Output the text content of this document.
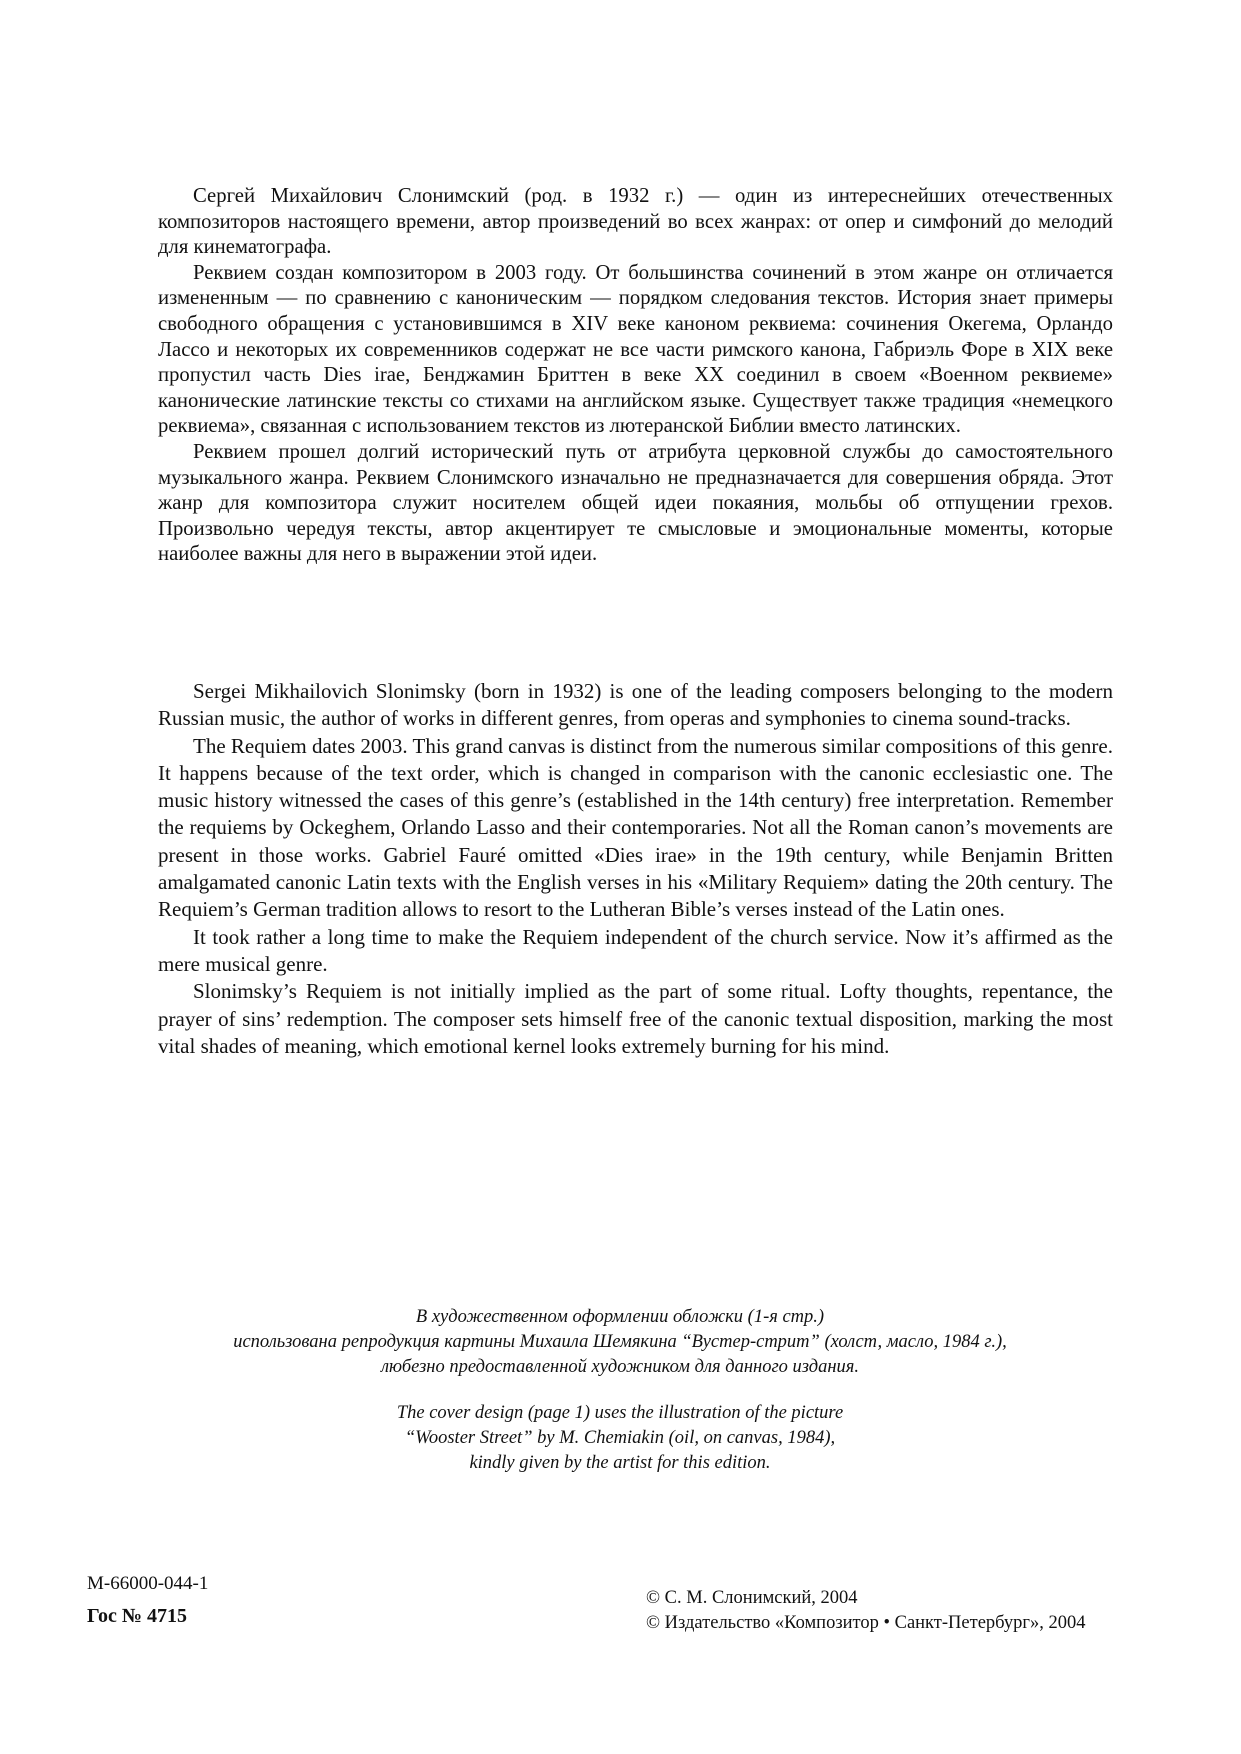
Сергей Михайлович Слонимский (род. в 1932 г.) — один из интереснейших отечественных композиторов настоящего времени, автор произведений во всех жанрах: от опер и симфоний до мелодий для кинематографа.

Реквием создан композитором в 2003 году. От большинства сочинений в этом жанре он отличается измененным — по сравнению с каноническим — порядком следования текстов. История знает примеры свободного обращения с установившимся в XIV веке каноном реквиема: сочинения Окегема, Орландо Лассо и некоторых их современников содержат не все части римского канона, Габриэль Форе в XIX веке пропустил часть Dies irae, Бенджамин Бриттен в веке XX соединил в своем «Военном реквиеме» канонические латинские тексты со стихами на английском языке. Существует также традиция «немецкого реквиема», связанная с использованием текстов из лютеранской Библии вместо латинских.

Реквием прошел долгий исторический путь от атрибута церковной службы до самостоятельного музыкального жанра. Реквием Слонимского изначально не предназначается для совершения обряда. Этот жанр для композитора служит носителем общей идеи покаяния, мольбы об отпущении грехов. Произвольно чередуя тексты, автор акцентирует те смысловые и эмоциональные моменты, которые наиболее важны для него в выражении этой идеи.

Sergei Mikhailovich Slonimsky (born in 1932) is one of the leading composers belonging to the modern Russian music, the author of works in different genres, from operas and symphonies to cinema sound-tracks.

The Requiem dates 2003. This grand canvas is distinct from the numerous similar compositions of this genre. It happens because of the text order, which is changed in comparison with the canonic ecclesiastic one. The music history witnessed the cases of this genre’s (established in the 14th century) free interpretation. Remember the requiems by Ockeghem, Orlando Lasso and their contemporaries. Not all the Roman canon’s movements are present in those works. Gabriel Fauré omitted «Dies irae» in the 19th century, while Benjamin Britten amalgamated canonic Latin texts with the English verses in his «Military Requiem» dating the 20th century. The Requiem’s German tradition allows to resort to the Lutheran Bible’s verses instead of the Latin ones.

It took rather a long time to make the Requiem independent of the church service. Now it’s affirmed as the mere musical genre.

Slonimsky’s Requiem is not initially implied as the part of some ritual. Lofty thoughts, repentance, the prayer of sins’ redemption. The composer sets himself free of the canonic textual disposition, marking the most vital shades of meaning, which emotional kernel looks extremely burning for his mind.

В художественном оформлении обложки (1-я стр.)
использована репродукция картины Михаила Шемякина “Вустер-стрит” (холст, масло, 1984 г.),
любезно предоставленной художником для данного издания.
The cover design (page 1) uses the illustration of the picture
“Wooster Street” by M. Chemiakin (oil, on canvas, 1984),
kindly given by the artist for this edition.
M-66000-044-1
Гос № 4715
© С. М. Слонимский, 2004
© Издательство «Композитор • Санкт-Петербург», 2004
